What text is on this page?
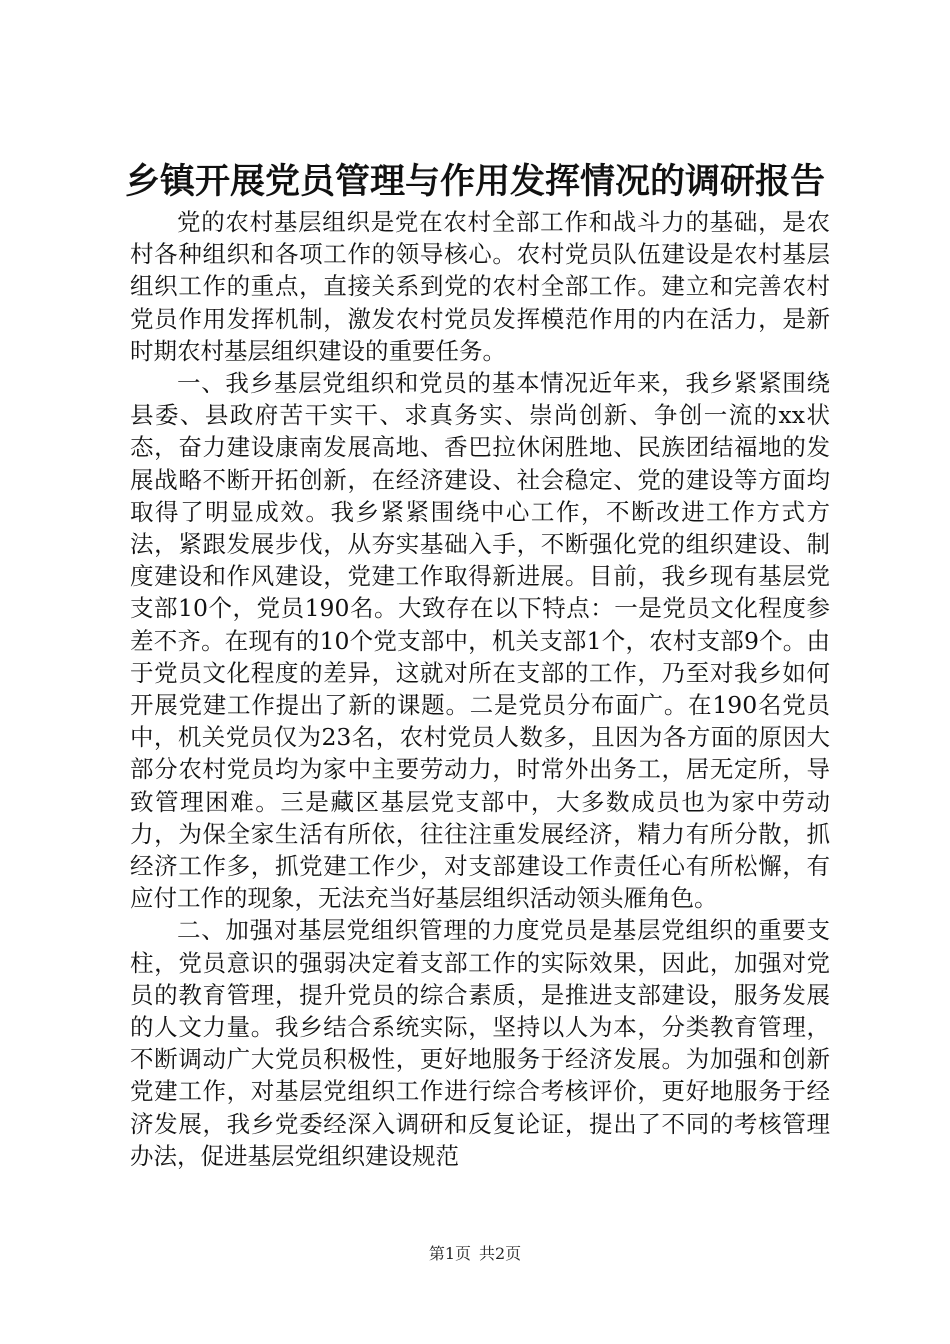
乡镇开展党员管理与作用发挥情况的调研报告

党的农村基层组织是党在农村全部工作和战斗力的基础，是农村各种组织和各项工作的领导核心。农村党员队伍建设是农村基层组织工作的重点，直接关系到党的农村全部工作。建立和完善农村党员作用发挥机制，激发农村党员发挥模范作用的内在活力，是新时期农村基层组织建设的重要任务。

一、我乡基层党组织和党员的基本情况近年来，我乡紧紧围绕县委、县政府苦干实干、求真务实、崇尚创新、争创一流的xx状态，奋力建设康南发展高地、香巴拉休闲胜地、民族团结福地的发展战略不断开拓创新，在经济建设、社会稳定、党的建设等方面均取得了明显成效。我乡紧紧围绕中心工作，不断改进工作方式方法，紧跟发展步伐，从夯实基础入手，不断强化党的组织建设、制度建设和作风建设，党建工作取得新进展。目前，我乡现有基层党支部10个，党员190名。大致存在以下特点：一是党员文化程度参差不齐。在现有的10个党支部中，机关支部1个，农村支部9个。由于党员文化程度的差异，这就对所在支部的工作，乃至对我乡如何开展党建工作提出了新的课题。二是党员分布面广。在190名党员中，机关党员仅为23名，农村党员人数多，且因为各方面的原因大部分农村党员均为家中主要劳动力，时常外出务工，居无定所，导致管理困难。三是藏区基层党支部中，大多数成员也为家中劳动力，为保全家生活有所依，往往注重发展经济，精力有所分散，抓经济工作多，抓党建工作少，对支部建设工作责任心有所松懈，有应付工作的现象，无法充当好基层组织活动领头雁角色。

二、加强对基层党组织管理的力度党员是基层党组织的重要支柱，党员意识的强弱决定着支部工作的实际效果，因此，加强对党员的教育管理，提升党员的综合素质，是推进支部建设，服务发展的人文力量。我乡结合系统实际，坚持以人为本，分类教育管理，不断调动广大党员积极性，更好地服务于经济发展。为加强和创新党建工作，对基层党组织工作进行综合考核评价，更好地服务于经济发展，我乡党委经深入调研和反复论证，提出了不同的考核管理办法，促进基层党组织建设规范

第1页 共2页
